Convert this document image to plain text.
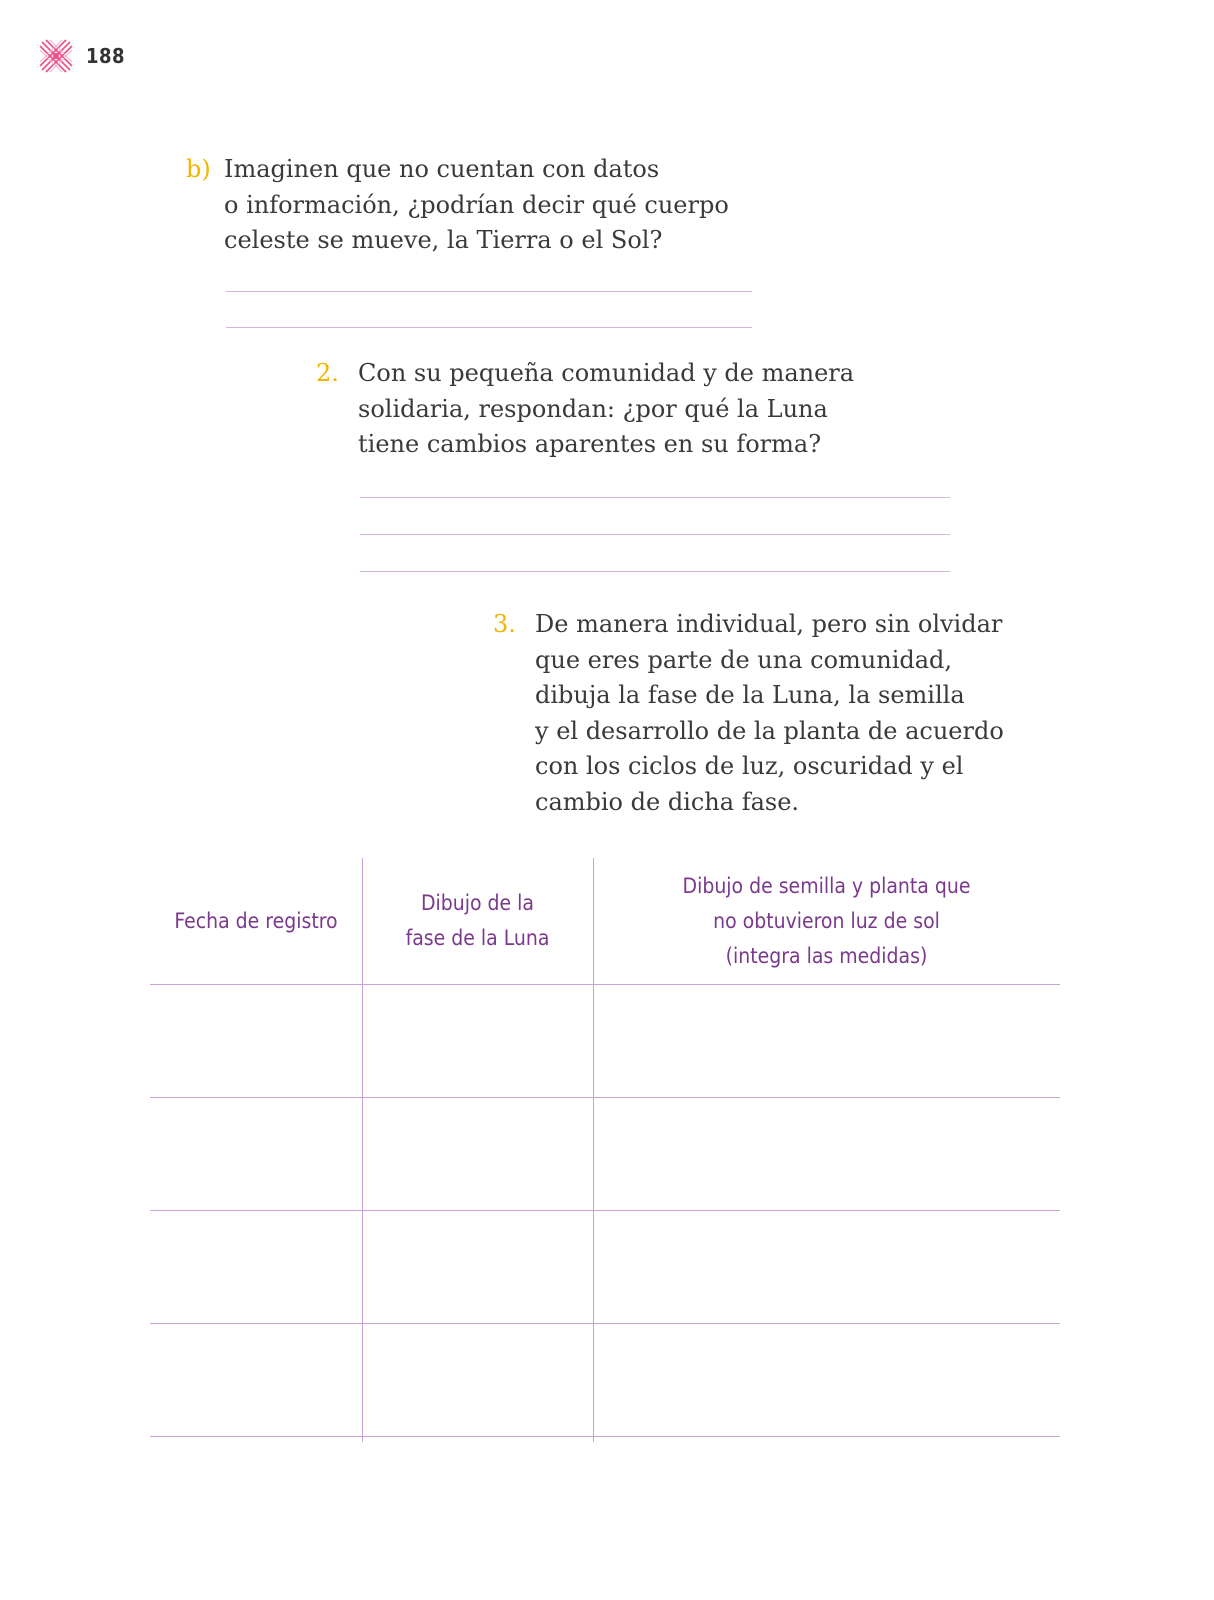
188
b) Imaginen que no cuentan con datos
o información, ¿podrían decir qué cuerpo
celeste se mueve, la Tierra o el Sol?
2. Con su pequeña comunidad y de manera
solidaria, respondan: ¿por qué la Luna
tiene cambios aparentes en su forma?
3. De manera individual, pero sin olvidar
que eres parte de una comunidad,
dibuja la fase de la Luna, la semilla
y el desarrollo de la planta de acuerdo
con los ciclos de luz, oscuridad y el
cambio de dicha fase.
Fecha de registro
Dibujo de la
fase de la Luna
Dibujo de semilla y planta que
no obtuvieron luz de sol
(integra las medidas)
